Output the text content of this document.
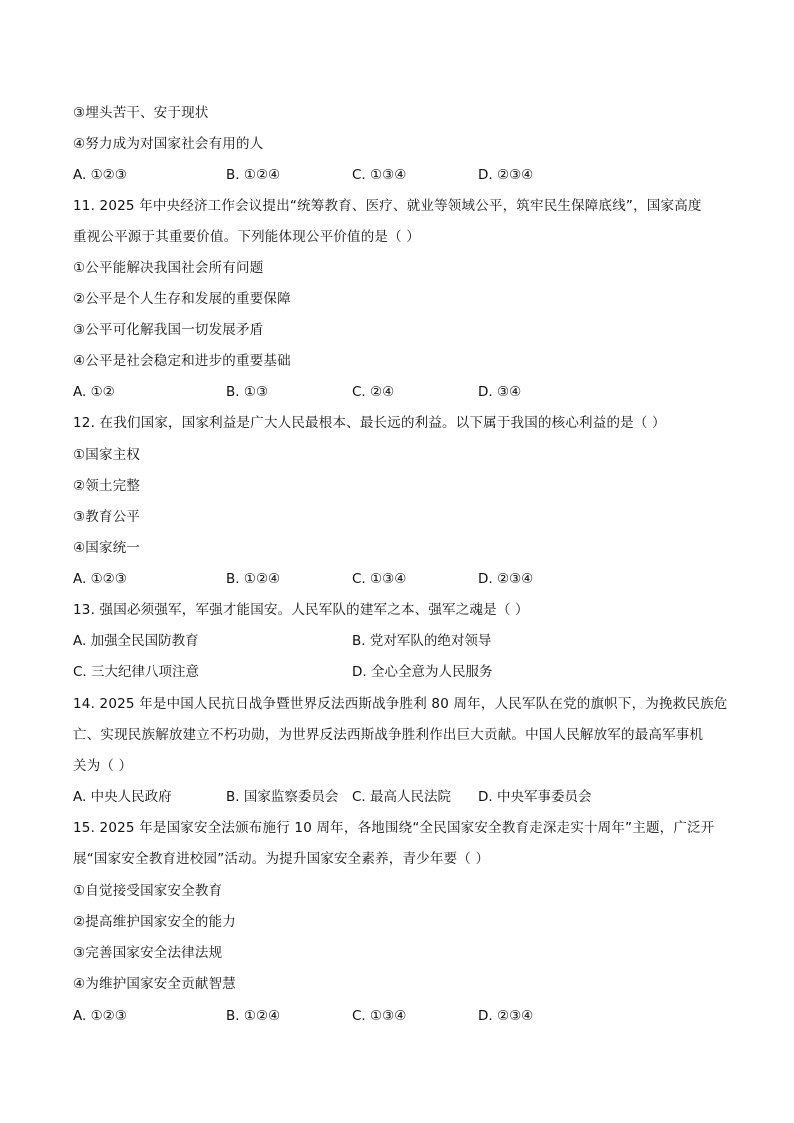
③埋头苦干、安于现状
④努力成为对国家社会有用的人
A. ①②③	B. ①②④	C. ①③④	D. ②③④
11. 2025 年中央经济工作会议提出“统筹教育、医疗、就业等领域公平，筑牢民生保障底线”，国家高度
重视公平源于其重要价值。下列能体现公平价值的是（ ）
①公平能解决我国社会所有问题
②公平是个人生存和发展的重要保障
③公平可化解我国一切发展矛盾
④公平是社会稳定和进步的重要基础
A. ①②	B. ①③	C. ②④	D. ③④
12. 在我们国家，国家利益是广大人民最根本、最长远的利益。以下属于我国的核心利益的是（ ）
①国家主权
②领土完整
③教育公平
④国家统一
A. ①②③	B. ①②④	C. ①③④	D. ②③④
13. 强国必须强军，军强才能国安。人民军队的建军之本、强军之魂是（ ）
A. 加强全民国防教育	B. 党对军队的绝对领导
C. 三大纪律八项注意	D. 全心全意为人民服务
14. 2025 年是中国人民抗日战争暨世界反法西斯战争胜利 80 周年，人民军队在党的旗帜下，为挽救民族危
亡、实现民族解放建立不朽功勋，为世界反法西斯战争胜利作出巨大贡献。中国人民解放军的最高军事机
关为（ ）
A. 中央人民政府	B. 国家监察委员会 C. 最高人民法院 D. 中央军事委员会
15. 2025 年是国家安全法颁布施行 10 周年，各地围绕“全民国家安全教育走深走实十周年”主题，广泛开
展“国家安全教育进校园”活动。为提升国家安全素养，青少年要（ ）
①自觉接受国家安全教育
②提高维护国家安全的能力
③完善国家安全法律法规
④为维护国家安全贡献智慧
A. ①②③	B. ①②④	C. ①③④	D. ②③④
